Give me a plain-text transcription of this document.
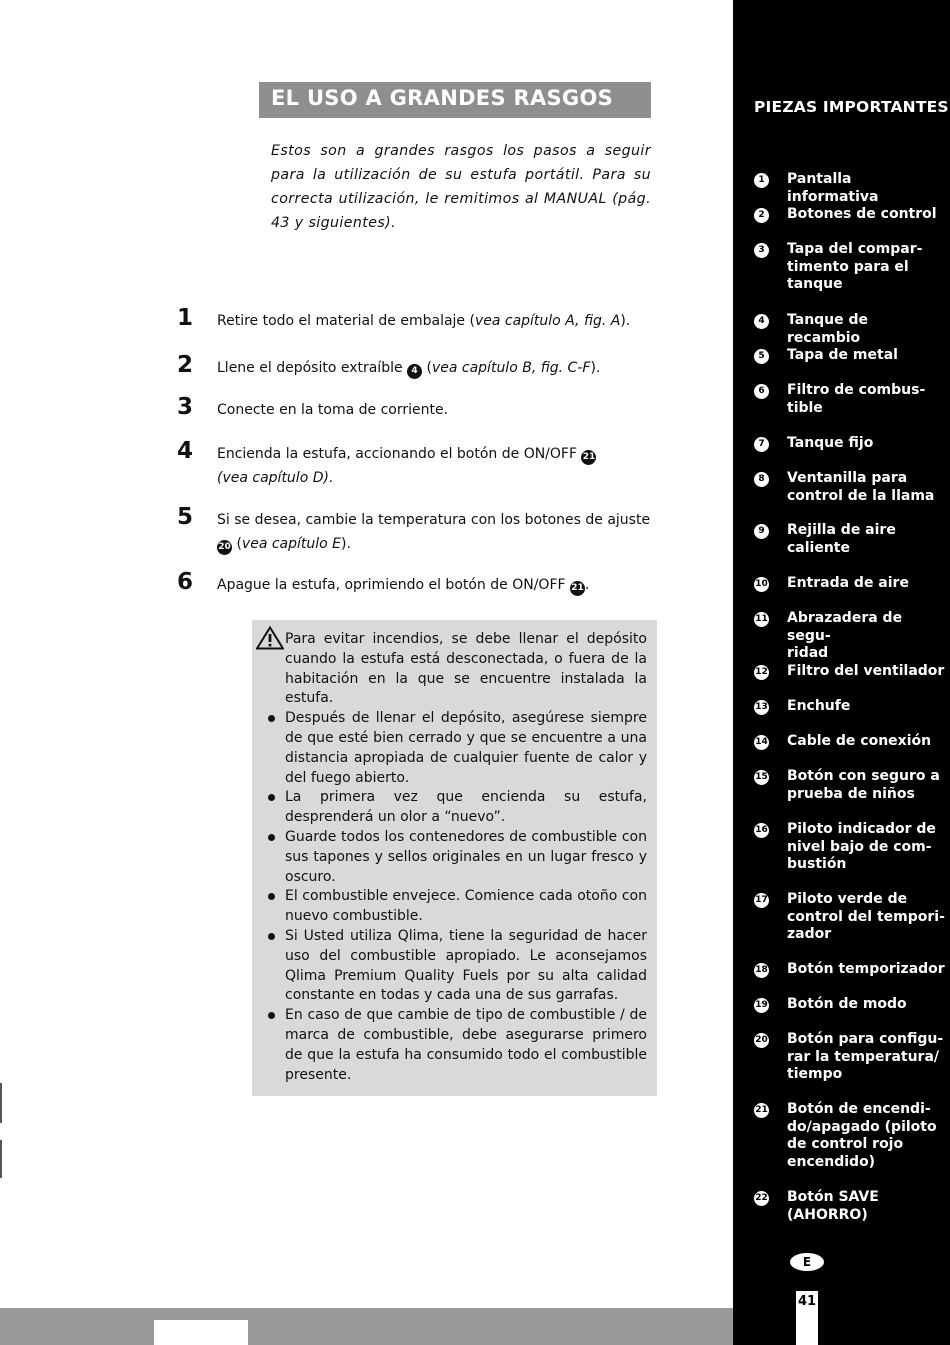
EL USO A GRANDES RASGOS

Estos son a grandes rasgos los pasos a seguir para la utilización de su estufa portátil. Para su correcta utilización, le remitimos al MANUAL (pág. 43 y siguientes).

1 Retire todo el material de embalaje (vea capítulo A, fig. A).
2 Llene el depósito extraíble 4 (vea capítulo B, fig. C-F).
3 Conecte en la toma de corriente.
4 Encienda la estufa, accionando el botón de ON/OFF 21
(vea capítulo D).
5 Si se desea, cambie la temperatura con los botones de ajuste
20 (vea capítulo E).
6 Apague la estufa, oprimiendo el botón de ON/OFF 21.
Para evitar incendios, se debe llenar el depósito cuando la estufa está desconectada, o fuera de la habitación en la que se encuentre instalada la estufa.
Después de llenar el depósito, asegúrese siempre de que esté bien cerrado y que se encuentre a una distancia apropiada de cualquier fuente de calor y del fuego abierto.
La primera vez que encienda su estufa, desprenderá un olor a “nuevo”.
Guarde todos los contenedores de combustible con sus tapones y sellos originales en un lugar fresco y oscuro.
El combustible envejece. Comience cada otoño con nuevo combustible.
Si Usted utiliza Qlima, tiene la seguridad de hacer uso del combustible apropiado. Le aconsejamos Qlima Premium Quality Fuels por su alta calidad constante en todas y cada una de sus garrafas.
En caso de que cambie de tipo de combustible / de marca de combustible, debe asegurarse primero de que la estufa ha consumido todo el combustible presente.
PIEZAS IMPORTANTES
1	Pantalla informativa
2	Botones de control
3	Tapa del compar-
timento para el
tanque
4	Tanque de recambio
5	Tapa de metal
6	Filtro de combus-
tible
7	Tanque fijo
8	Ventanilla para
control de la llama
9	Rejilla de aire
caliente
10 Entrada de aire
11 Abrazadera de segu-
ridad
12 Filtro del ventilador
13 Enchufe
14 Cable de conexión
15 Botón con seguro a
prueba de niños
16 Piloto indicador de
nivel bajo de com-
bustión
17 Piloto verde de
control del tempori-
zador
18 Botón temporizador
19 Botón de modo
20 Botón para configu-
rar la temperatura/
tiempo
21 Botón de encendi-
do/apagado (piloto
de control rojo
encendido)
22 Botón SAVE
(AHORRO)
E
41
